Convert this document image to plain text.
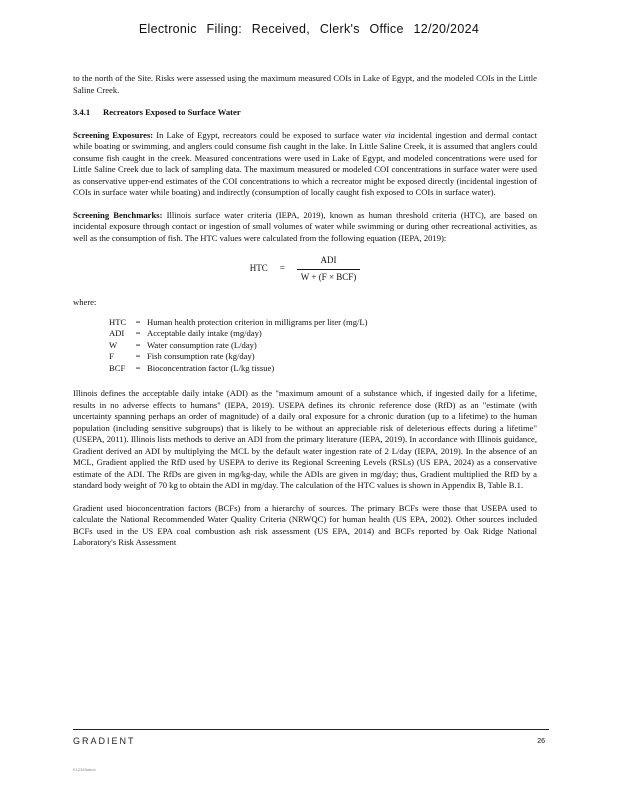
Electronic Filing: Received, Clerk's Office 12/20/2024

to the north of the Site. Risks were assessed using the maximum measured COIs in Lake of Egypt, and the modeled COIs in the Little Saline Creek.

3.4.1 Recreators Exposed to Surface Water

Screening Exposures: In Lake of Egypt, recreators could be exposed to surface water via incidental ingestion and dermal contact while boating or swimming, and anglers could consume fish caught in the lake. In Little Saline Creek, it is assumed that anglers could consume fish caught in the creek. Measured concentrations were used in Lake of Egypt, and modeled concentrations were used for Little Saline Creek due to lack of sampling data. The maximum measured or modeled COI concentrations in surface water were used as conservative upper-end estimates of the COI concentrations to which a recreator might be exposed directly (incidental ingestion of COIs in surface water while boating) and indirectly (consumption of locally caught fish exposed to COIs in surface water).

Screening Benchmarks: Illinois surface water criteria (IEPA, 2019), known as human threshold criteria (HTC), are based on incidental exposure through contact or ingestion of small volumes of water while swimming or during other recreational activities, as well as the consumption of fish. The HTC values were calculated from the following equation (IEPA, 2019):

HTC = $\frac{\text{ADI}}{\text{W + (F × BCF)}}$
where:
HTC	=	Human health protection criterion in milligrams per liter (mg/L)
ADI	=	Acceptable daily intake (mg/day)
W	=	Water consumption rate (L/day)
F	=	Fish consumption rate (kg/day)
BCF	=	Bioconcentration factor (L/kg tissue)

Illinois defines the acceptable daily intake (ADI) as the "maximum amount of a substance which, if ingested daily for a lifetime, results in no adverse effects to humans" (IEPA, 2019). USEPA defines its chronic reference dose (RfD) as an "estimate (with uncertainty spanning perhaps an order of magnitude) of a daily oral exposure for a chronic duration (up to a lifetime) to the human population (including sensitive subgroups) that is likely to be without an appreciable risk of deleterious effects during a lifetime" (USEPA, 2011). Illinois lists methods to derive an ADI from the primary literature (IEPA, 2019). In accordance with Illinois guidance, Gradient derived an ADI by multiplying the MCL by the default water ingestion rate of 2 L/day (IEPA, 2019). In the absence of an MCL, Gradient applied the RfD used by USEPA to derive its Regional Screening Levels (RSLs) (US EPA, 2024) as a conservative estimate of the ADI. The RfDs are given in mg/kg-day, while the ADIs are given in mg/day; thus, Gradient multiplied the RfD by a standard body weight of 70 kg to obtain the ADI in mg/day. The calculation of the HTC values is shown in Appendix B, Table B.1.

Gradient used bioconcentration factors (BCFs) from a hierarchy of sources. The primary BCFs were those that USEPA used to calculate the National Recommended Water Quality Criteria (NRWQC) for human health (US EPA, 2002). Other sources included BCFs used in the US EPA coal combustion ash risk assessment (US EPA, 2014) and BCFs reported by Oak Ridge National Laboratory's Risk Assessment

GRADIENT	26
K12345abcd
